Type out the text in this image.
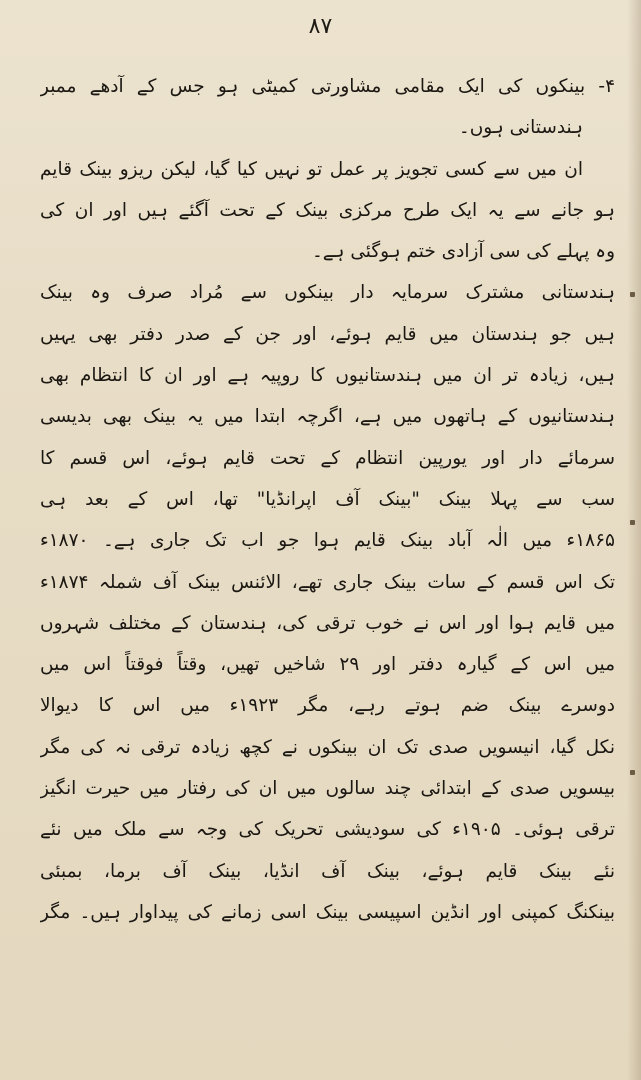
۸۷
۴- بینکوں کی ایک مقامی مشاورتی کمیٹی ہو جس کے آدھے ممبر
ہندستانی ہوں۔
ان میں سے کسی تجویز پر عمل تو نہیں کیا گیا، لیکن ریزو بینک قایم
ہو جانے سے یہ ایک طرح مرکزی بینک کے تحت آگئے ہیں اور ان کی
وہ پہلے کی سی آزادی ختم ہوگئی ہے۔
ہندستانی مشترک سرمایہ دار بینکوں سے مُراد صرف وہ بینک
ہیں جو ہندستان میں قایم ہوئے، اور جن کے صدر دفتر بھی یہیں
ہیں، زیادہ تر ان میں ہندستانیوں کا روپیہ ہے اور ان کا انتظام بھی
ہندستانیوں کے ہاتھوں میں ہے، اگرچہ ابتدا میں یہ بینک بھی بدیسی
سرمائے دار اور یورپین انتظام کے تحت قایم ہوئے، اس قسم کا
سب سے پہلا بینک "بینک آف اپرانڈیا" تھا، اس کے بعد ہی
۱۸۶۵ء میں الٰہ آباد بینک قایم ہوا جو اب تک جاری ہے۔ ۱۸۷۰ء
تک اس قسم کے سات بینک جاری تھے، الائنس بینک آف شملہ ۱۸۷۴ء
میں قایم ہوا اور اس نے خوب ترقی کی، ہندستان کے مختلف شہروں
میں اس کے گیارہ دفتر اور ۲۹ شاخیں تھیں، وقتاً فوقتاً اس میں
دوسرے بینک ضم ہوتے رہے، مگر ۱۹۲۳ء میں اس کا دیوالا
نکل گیا، انیسویں صدی تک ان بینکوں نے کچھ زیادہ ترقی نہ کی مگر
بیسویں صدی کے ابتدائی چند سالوں میں ان کی رفتار میں حیرت انگیز
ترقی ہوئی۔ ۱۹۰۵ء کی سودیشی تحریک کی وجہ سے ملک میں نئے
نئے بینک قایم ہوئے، بینک آف انڈیا، بینک آف برما، بمبئی
بینکنگ کمپنی اور انڈین اسپیسی بینک اسی زمانے کی پیداوار ہیں۔ مگر
